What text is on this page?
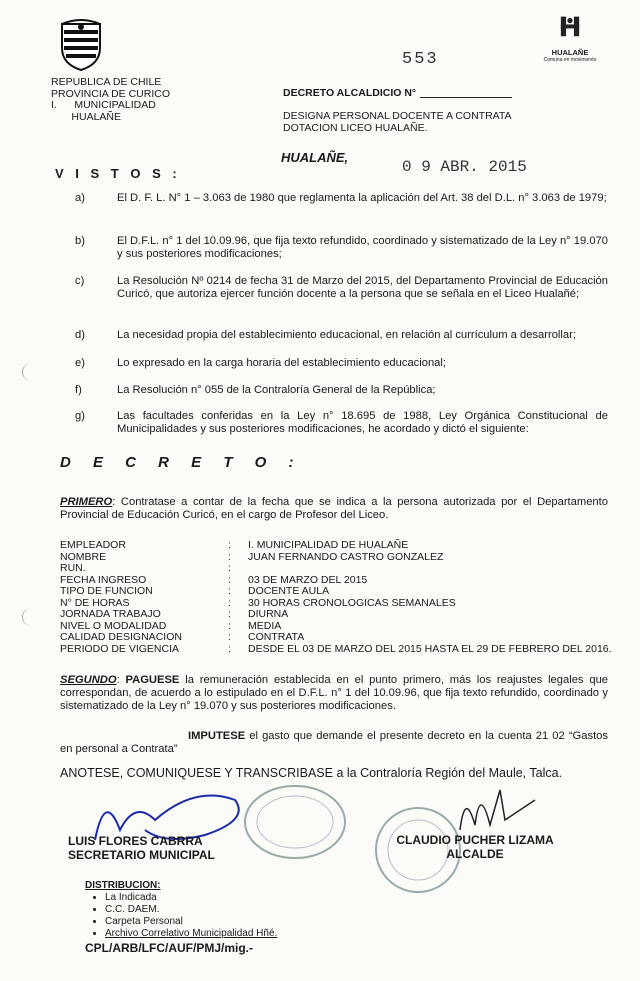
HUALAÑE
Comuna en movimiento
553
REPUBLICA DE CHILE
PROVINCIA DE CURICO
I.      MUNICIPALIDAD
HUALAÑE
DECRETO ALCALDICIO N°
DESIGNA PERSONAL DOCENTE A CONTRATA DOTACION LICEO HUALAÑE.
HUALAÑE,
0 9 ABR. 2015
V I S T O S :
a)	El D. F. L. N° 1 – 3.063 de 1980 que reglamenta la aplicación del Art. 38 del D.L. n° 3.063 de 1979;
b)	El D.F.L. n° 1 del 10.09.96, que fija texto refundido, coordinado y sistematizado de la Ley n° 19.070 y sus posteriores modificaciones;
c)	La Resolución Nº 0214 de fecha 31 de Marzo del 2015, del Departamento Provincial de Educación Curicó, que autoriza ejercer función docente a la persona que se señala en el Liceo Hualañé;
d)	La necesidad propia del establecimiento educacional, en relación al currículum a desarrollar;
e)	Lo expresado en la carga horaria del establecimiento educacional;
f)	La Resolución n° 055 de la Contraloría General de la República;
g)	Las facultades conferidas en la Ley n° 18.695 de 1988, Ley Orgánica Constitucional de Municipalidades y sus posteriores modificaciones, he acordado y dictó el siguiente:
D E C R E T O :
PRIMERO: Contratase a contar de la fecha que se indica a la persona autorizada por el Departamento Provincial de Educación Curicó, en el cargo de Profesor del Liceo.
EMPLEADOR	:	I. MUNICIPALIDAD DE HUALAÑE
NOMBRE	:	JUAN FERNANDO CASTRO GONZALEZ
RUN.	:
FECHA INGRESO	:	03 DE MARZO DEL 2015
TIPO DE FUNCION	:	DOCENTE AULA
N° DE HORAS	:	30 HORAS CRONOLOGICAS SEMANALES
JORNADA TRABAJO	:	DIURNA
NIVEL O MODALIDAD	:	MEDIA
CALIDAD DESIGNACION	:	CONTRATA
PERIODO DE VIGENCIA	:	DESDE EL 03 DE MARZO DEL 2015 HASTA EL 29 DE FEBRERO DEL 2016.
SEGUNDO: PAGUESE la remuneración establecida en el punto primero, más los reajustes legales que correspondan, de acuerdo a lo estipulado en el D.F.L. n° 1 del 10.09.96, que fija texto refundido, coordinado y sistematizado de la Ley n° 19.070 y sus posteriores modificaciones.
IMPUTESE el gasto que demande el presente decreto en la cuenta 21 02 “Gastos en personal a Contrata”
ANOTESE, COMUNIQUESE Y TRANSCRIBASE a la Contraloría Región del Maule, Talca.
LUIS FLORES CABRRA
SECRETARIO MUNICIPAL
CLAUDIO PUCHER LIZAMA
ALCALDE
DISTRIBUCION:
• La Indicada
• C.C. DAEM.
• Carpeta Personal
• Archivo Correlativo Municipalidad Hñé.
CPL/ARB/LFC/AUF/PMJ/mig.-
